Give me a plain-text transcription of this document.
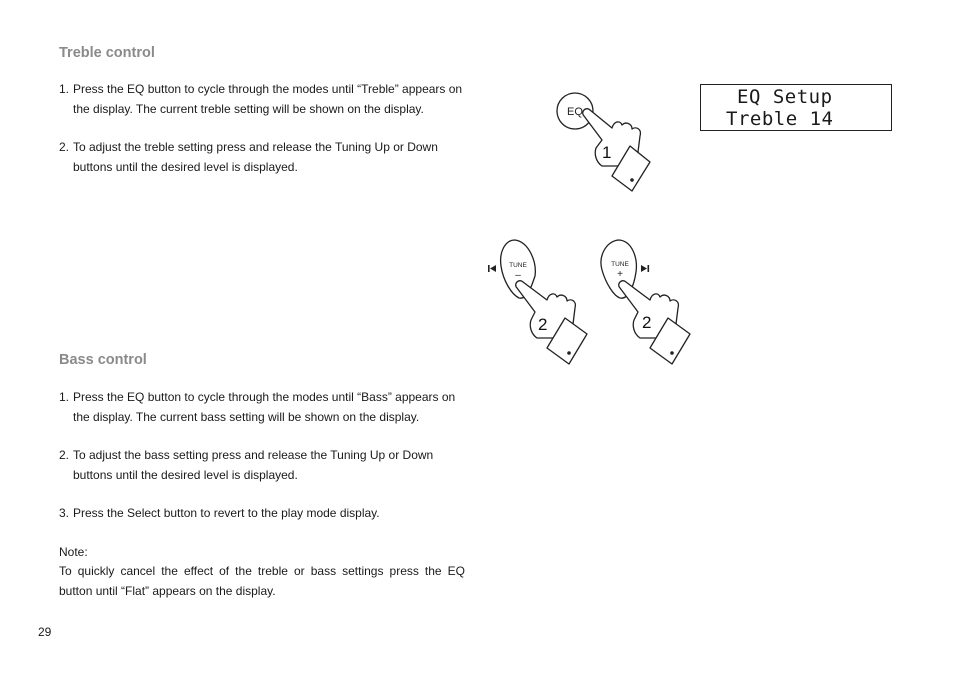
Treble control
1. Press the EQ button to cycle through the modes until “Treble” appears on the display. The current treble setting will be shown on the display.
2. To adjust the treble setting press and release the Tuning Up or Down buttons until the desired level is displayed.
Bass control
1. Press the EQ button to cycle through the modes until “Bass” appears on the display. The current bass setting will be shown on the display.
2. To adjust the bass setting press and release the Tuning Up or Down buttons until the desired level is displayed.
3. Press the Select button to revert to the play mode display.
Note:
To quickly cancel the effect of the treble or bass settings press the EQ button until “Flat” appears on the display.
29
EQ Setup
Treble 14
EQ
1
TUNE
–
2
TUNE
+
2
